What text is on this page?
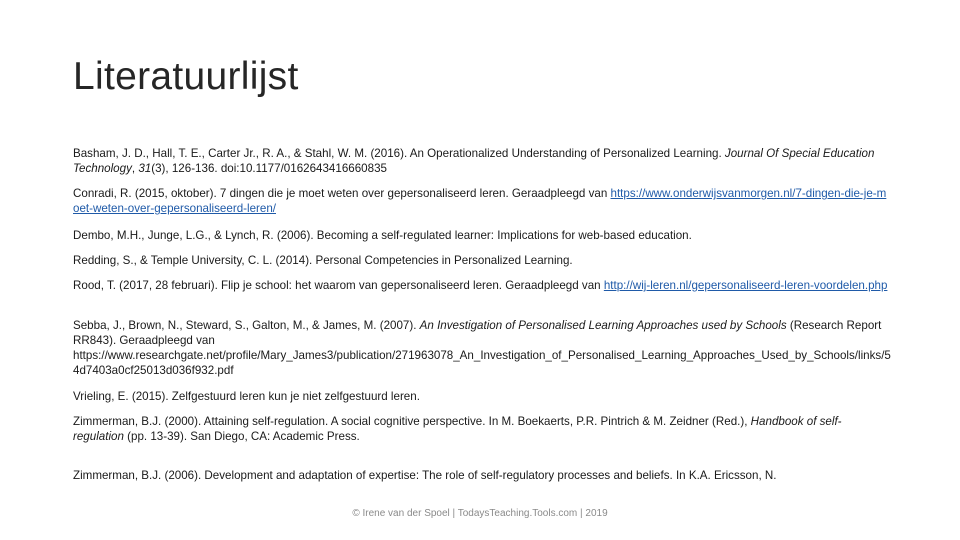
Literatuurlijst

Basham, J. D., Hall, T. E., Carter Jr., R. A., & Stahl, W. M. (2016). An Operationalized Understanding of Personalized Learning. Journal Of Special Education Technology, 31(3), 126-136. doi:10.1177/0162643416660835

Conradi, R. (2015, oktober). 7 dingen die je moet weten over gepersonaliseerd leren. Geraadpleegd van https://www.onderwijsvanmorgen.nl/7-dingen-die-je-moet-weten-over-gepersonaliseerd-leren/

Dembo, M.H., Junge, L.G., & Lynch, R. (2006). Becoming a self-regulated learner: Implications for web-based education.

Redding, S., & Temple University, C. L. (2014). Personal Competencies in Personalized Learning.

Rood, T. (2017, 28 februari). Flip je school: het waarom van gepersonaliseerd leren. Geraadpleegd van http://wij-leren.nl/gepersonaliseerd-leren-voordelen.php

Sebba, J., Brown, N., Steward, S., Galton, M., & James, M. (2007). An Investigation of Personalised Learning Approaches used by Schools (Research Report RR843). Geraadpleegd van https://www.researchgate.net/profile/Mary_James3/publication/271963078_An_Investigation_of_Personalised_Learning_Approaches_Used_by_Schools/links/54d7403a0cf25013d036f932.pdf

Vrieling, E. (2015). Zelfgestuurd leren kun je niet zelfgestuurd leren.

Zimmerman, B.J. (2000). Attaining self-regulation. A social cognitive perspective. In M. Boekaerts, P.R. Pintrich & M. Zeidner (Red.), Handbook of self-regulation (pp. 13-39). San Diego, CA: Academic Press.

Zimmerman, B.J. (2006). Development and adaptation of expertise: The role of self-regulatory processes and beliefs. In K.A. Ericsson, N.

© Irene van der Spoel | TodaysTeaching.Tools.com | 2019
